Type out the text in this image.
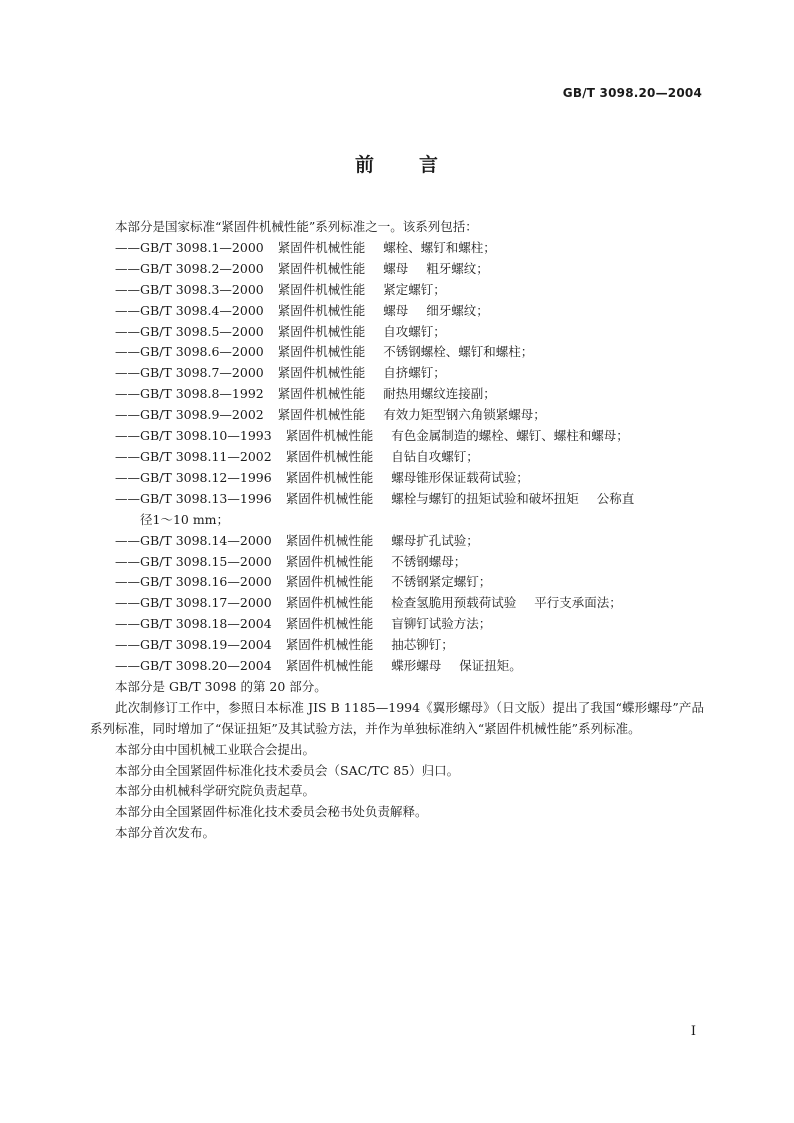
GB/T 3098.20—2004
前 言

本部分是国家标准“紧固件机械性能”系列标准之一。该系列包括：

——GB/T 3098.1—2000 紧固件机械性能 螺栓、螺钉和螺柱；
——GB/T 3098.2—2000 紧固件机械性能 螺母 粗牙螺纹；
——GB/T 3098.3—2000 紧固件机械性能 紧定螺钉；
——GB/T 3098.4—2000 紧固件机械性能 螺母 细牙螺纹；
——GB/T 3098.5—2000 紧固件机械性能 自攻螺钉；
——GB/T 3098.6—2000 紧固件机械性能 不锈钢螺栓、螺钉和螺柱；
——GB/T 3098.7—2000 紧固件机械性能 自挤螺钉；
——GB/T 3098.8—1992 紧固件机械性能 耐热用螺纹连接副；
——GB/T 3098.9—2002 紧固件机械性能 有效力矩型钢六角锁紧螺母；
——GB/T 3098.10—1993 紧固件机械性能 有色金属制造的螺栓、螺钉、螺柱和螺母；
——GB/T 3098.11—2002 紧固件机械性能 自钻自攻螺钉；
——GB/T 3098.12—1996 紧固件机械性能 螺母锥形保证载荷试验；
——GB/T 3098.13—1996 紧固件机械性能 螺栓与螺钉的扭矩试验和破坏扭矩 公称直
径1～10 mm；
——GB/T 3098.14—2000 紧固件机械性能 螺母扩孔试验；
——GB/T 3098.15—2000 紧固件机械性能 不锈钢螺母；
——GB/T 3098.16—2000 紧固件机械性能 不锈钢紧定螺钉；
——GB/T 3098.17—2000 紧固件机械性能 检查氢脆用预载荷试验 平行支承面法；
——GB/T 3098.18—2004 紧固件机械性能 盲铆钉试验方法；
——GB/T 3098.19—2004 紧固件机械性能 抽芯铆钉；
——GB/T 3098.20—2004 紧固件机械性能 蝶形螺母 保证扭矩。

本部分是 GB/T 3098 的第 20 部分。

此次制修订工作中，参照日本标准 JIS B 1185—1994《翼形螺母》（日文版）提出了我国“蝶形螺母”产品系列标准，同时增加了“保证扭矩”及其试验方法，并作为单独标准纳入“紧固件机械性能”系列标准。

本部分由中国机械工业联合会提出。

本部分由全国紧固件标准化技术委员会（SAC/TC 85）归口。

本部分由机械科学研究院负责起草。

本部分由全国紧固件标准化技术委员会秘书处负责解释。

本部分首次发布。

I
